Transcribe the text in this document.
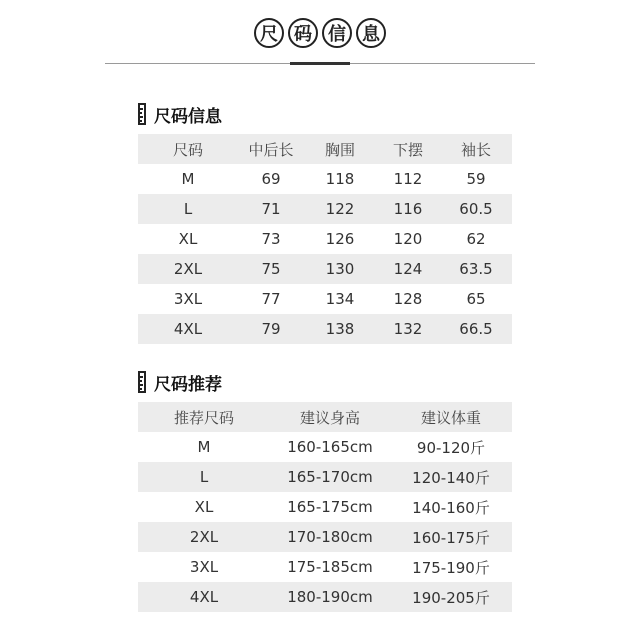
尺 码 信 息
尺码信息
尺码	中后长	胸围	下摆	袖长
M	69	118	112	59
L	71	122	116	60.5
XL	73	126	120	62
2XL	75	130	124	63.5
3XL	77	134	128	65
4XL	79	138	132	66.5
尺码推荐
推荐尺码	建议身高	建议体重
M	160-165cm	90-120斤
L	165-170cm	120-140斤
XL	165-175cm	140-160斤
2XL	170-180cm	160-175斤
3XL	175-185cm	175-190斤
4XL	180-190cm	190-205斤
